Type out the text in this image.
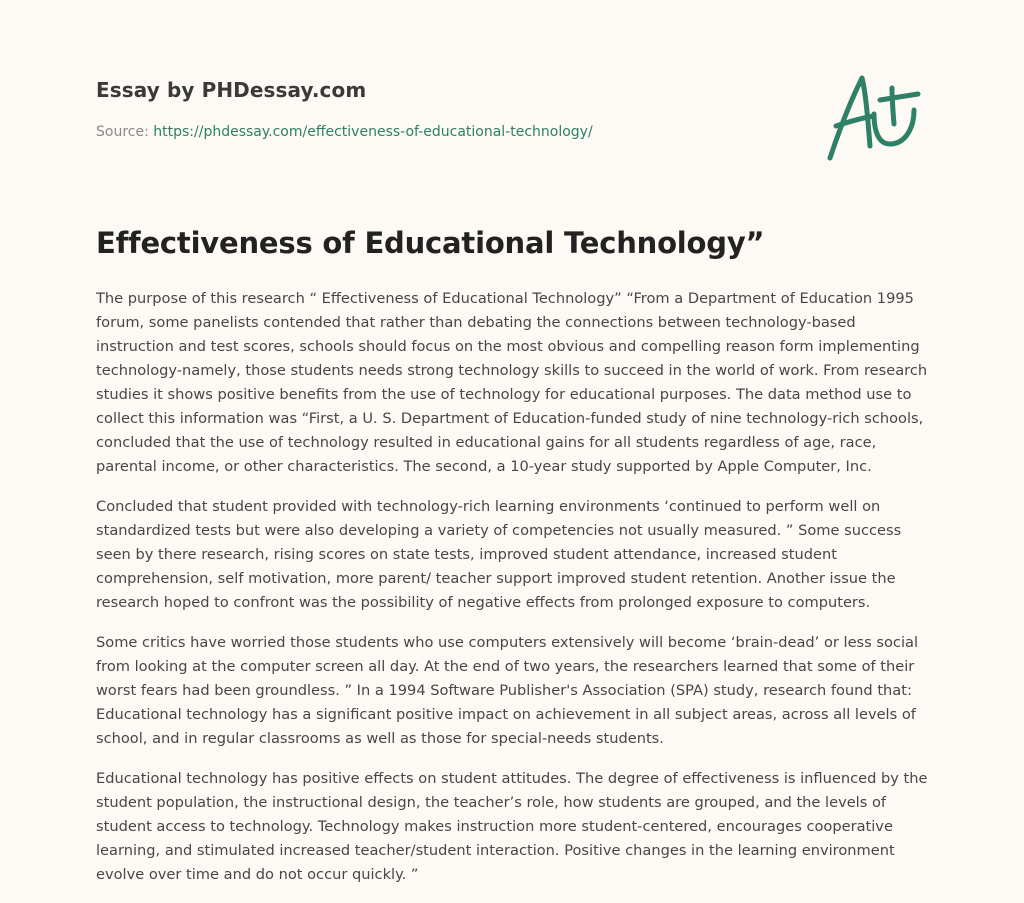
Essay by PHDessay.com
Source: https://phdessay.com/effectiveness-of-educational-technology/
Effectiveness of Educational Technology”

The purpose of this research “ Effectiveness of Educational Technology” “From a Department of Education 1995 forum, some panelists contended that rather than debating the connections between technology-based instruction and test scores, schools should focus on the most obvious and compelling reason form implementing technology-namely, those students needs strong technology skills to succeed in the world of work. From research studies it shows positive benefits from the use of technology for educational purposes. The data method use to collect this information was “First, a U. S. Department of Education-funded study of nine technology-rich schools, concluded that the use of technology resulted in educational gains for all students regardless of age, race, parental income, or other characteristics. The second, a 10-year study supported by Apple Computer, Inc.

Concluded that student provided with technology-rich learning environments ‘continued to perform well on standardized tests but were also developing a variety of competencies not usually measured. ” Some success seen by there research, rising scores on state tests, improved student attendance, increased student comprehension, self motivation, more parent/ teacher support improved student retention. Another issue the research hoped to confront was the possibility of negative effects from prolonged exposure to computers.

Some critics have worried those students who use computers extensively will become ‘brain-dead’ or less social from looking at the computer screen all day. At the end of two years, the researchers learned that some of their worst fears had been groundless. ” In a 1994 Software Publisher's Association (SPA) study, research found that: Educational technology has a significant positive impact on achievement in all subject areas, across all levels of school, and in regular classrooms as well as those for special-needs students.

Educational technology has positive effects on student attitudes. The degree of effectiveness is influenced by the student population, the instructional design, the teacher’s role, how students are grouped, and the levels of student access to technology. Technology makes instruction more student-centered, encourages cooperative learning, and stimulated increased teacher/student interaction. Positive changes in the learning environment evolve over time and do not occur quickly. ”
